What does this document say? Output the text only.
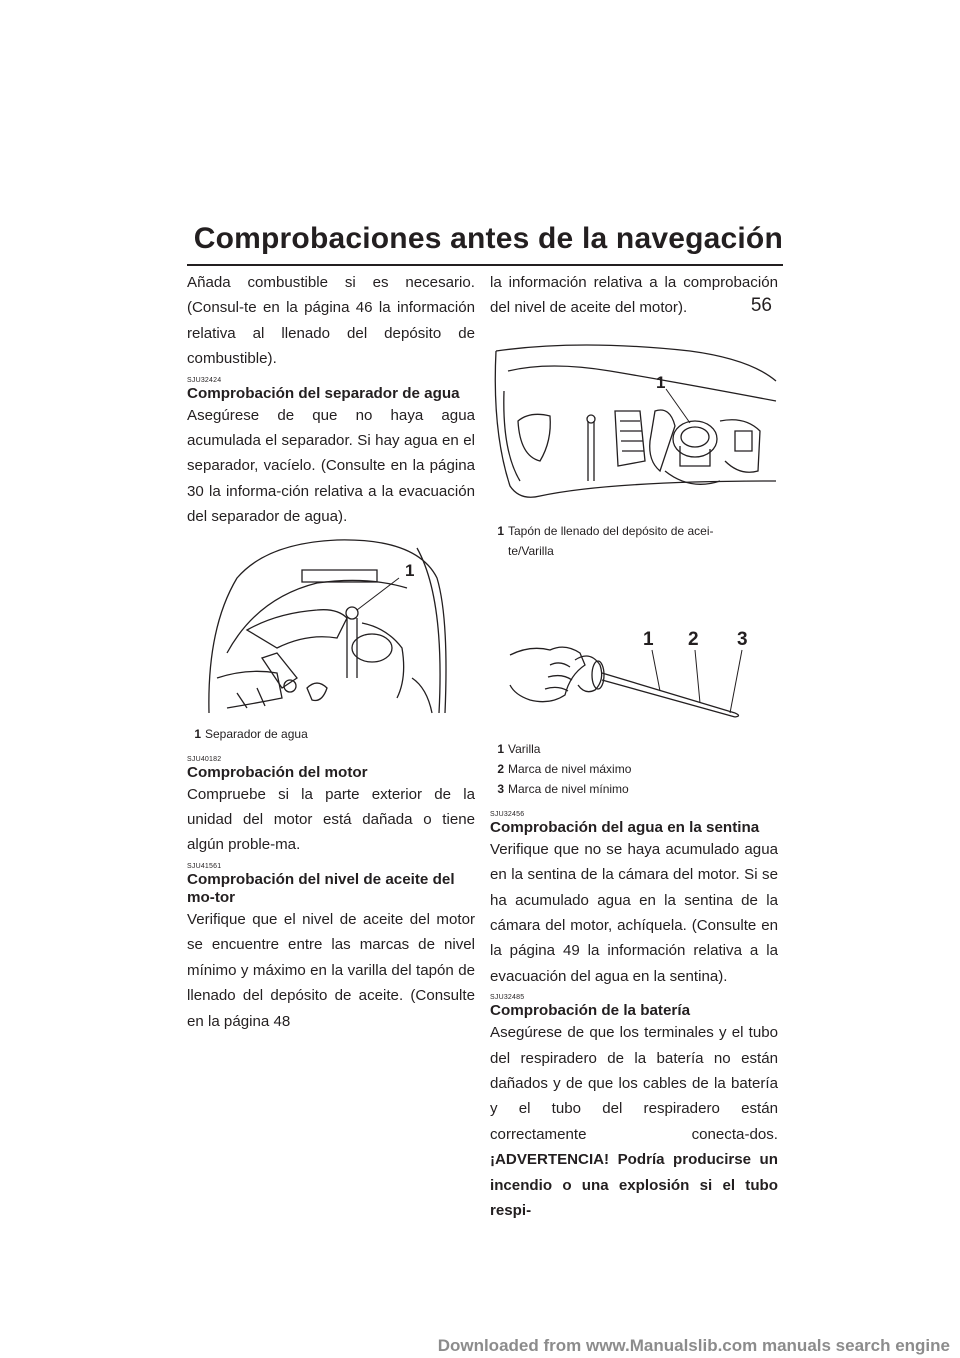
Comprobaciones antes de la navegación
56

Añada combustible si es necesario. (Consul-te en la página 46 la información relativa al llenado del depósito de combustible).

SJU32424
Comprobación del separador de agua

Asegúrese de que no haya agua acumulada el separador. Si hay agua en el separador, vacíelo. (Consulte en la página 30 la informa-ción relativa a la evacuación del separador de agua).

1
1 Separador de agua
SJU40182
Comprobación del motor

Compruebe si la parte exterior de la unidad del motor está dañada o tiene algún proble-ma.

SJU41561
Comprobación del nivel de aceite del mo-tor

Verifique que el nivel de aceite del motor se encuentre entre las marcas de nivel mínimo y máximo en la varilla del tapón de llenado del depósito de aceite. (Consulte en la página 48

la información relativa a la comprobación del nivel de aceite del motor).

1
1 Tapón de llenado del depósito de acei-te/Varilla
1 2 3
1 Varilla
2 Marca de nivel máximo
3 Marca de nivel mínimo
SJU32456
Comprobación del agua en la sentina

Verifique que no se haya acumulado agua en la sentina de la cámara del motor. Si se ha acumulado agua en la sentina de la cámara del motor, achíquela. (Consulte en la página 49 la información relativa a la evacuación del agua en la sentina).

SJU32485
Comprobación de la batería

Asegúrese de que los terminales y el tubo del respiradero de la batería no están dañados y de que los cables de la batería y el tubo del respiradero están correctamente conecta-dos. ¡ADVERTENCIA! Podría producirse un incendio o una explosión si el tubo respi-

Downloaded from www.Manualslib.com manuals search engine
